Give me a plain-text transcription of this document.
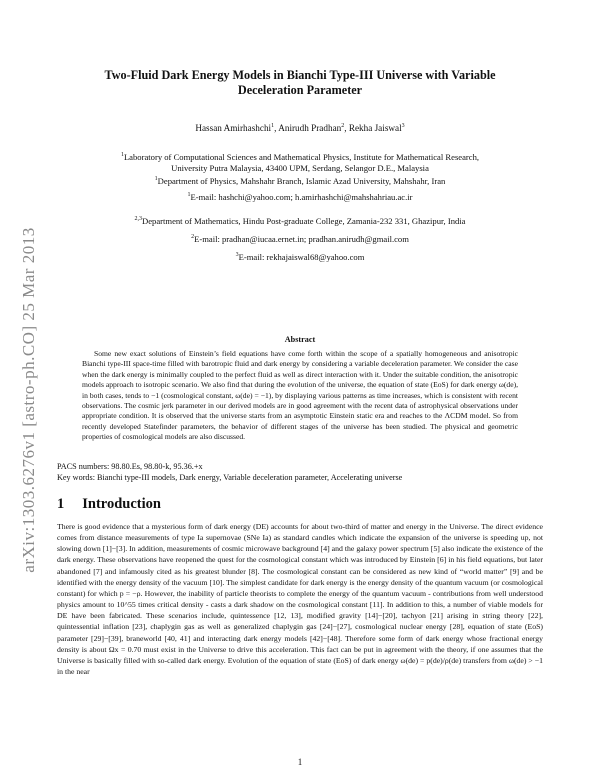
arXiv:1303.6276v1 [astro-ph.CO] 25 Mar 2013
Two-Fluid Dark Energy Models in Bianchi Type-III Universe with Variable
Deceleration Parameter
Hassan Amirhashchi$^1$, Anirudh Pradhan$^2$, Rekha Jaiswal$^3$
$^1$Laboratory of Computational Sciences and Mathematical Physics, Institute for Mathematical Research,
University Putra Malaysia, 43400 UPM, Serdang, Selangor D.E., Malaysia
$^1$Department of Physics, Mahshahr Branch, Islamic Azad University, Mahshahr, Iran
$^1$E-mail: hashchi@yahoo.com; h.amirhashchi@mahshahriau.ac.ir
$^{2,3}$Department of Mathematics, Hindu Post-graduate College, Zamania-232 331, Ghazipur, India
$^2$E-mail: pradhan@iucaa.ernet.in; pradhan.anirudh@gmail.com
$^3$E-mail: rekhajaiswal68@yahoo.com
Abstract

Some new exact solutions of Einstein’s field equations have come forth within the scope of a spatially homogeneous and anisotropic Bianchi type-III space-time filled with barotropic fluid and dark energy by considering a variable deceleration parameter. We consider the case when the dark energy is minimally coupled to the perfect fluid as well as direct interaction with it. Under the suitable condition, the anisotropic models approach to isotropic scenario. We also find that during the evolution of the universe, the equation of state (EoS) for dark energy ω(de), in both cases, tends to −1 (cosmological constant, ω(de) = −1), by displaying various patterns as time increases, which is consistent with recent observations. The cosmic jerk parameter in our derived models are in good agreement with the recent data of astrophysical observations under appropriate condition. It is observed that the universe starts from an asymptotic Einstein static era and reaches to the ΛCDM model. So from recently developed Statefinder parameters, the behavior of different stages of the universe has been studied. The physical and geometric properties of cosmological models are also discussed.

PACS numbers: 98.80.Es, 98.80-k, 95.36.+x
Key words: Bianchi type-III models, Dark energy, Variable deceleration parameter, Accelerating universe
1 Introduction

There is good evidence that a mysterious form of dark energy (DE) accounts for about two-third of matter and energy in the Universe. The direct evidence comes from distance measurements of type Ia supernovae (SNe Ia) as standard candles which indicate the expansion of the universe is speeding up, not slowing down [1]−[3]. In addition, measurements of cosmic microwave background [4] and the galaxy power spectrum [5] also indicate the existence of the dark energy. These observations have reopened the quest for the cosmological constant which was introduced by Einstein [6] in his field equations, but later abandoned [7] and infamously cited as his greatest blunder [8]. The cosmological constant can be considered as new kind of “world matter” [9] and be identified with the energy density of the vacuum [10]. The simplest candidate for dark energy is the energy density of the quantum vacuum (or cosmological constant) for which p = −ρ. However, the inability of particle theorists to complete the energy of the quantum vacuum - contributions from well understood physics amount to 10^55 times critical density - casts a dark shadow on the cosmological constant [11]. In addition to this, a number of viable models for DE have been fabricated. These scenarios include, quintessence [12, 13], modified gravity [14]−[20], tachyon [21] arising in string theory [22], quintessential inflation [23], chaplygin gas as well as generalized chaplygin gas [24]−[27], cosmological nuclear energy [28], equation of state (EoS) parameter [29]−[39], braneworld [40, 41] and interacting dark energy models [42]−[48]. Therefore some form of dark energy whose fractional energy density is about Ωx = 0.70 must exist in the Universe to drive this acceleration. This fact can be put in agreement with the theory, if one assumes that the Universe is basically filled with so-called dark energy. Evolution of the equation of state (EoS) of dark energy ω(de) = p(de)/ρ(de) transfers from ω(de) > −1 in the near

1
